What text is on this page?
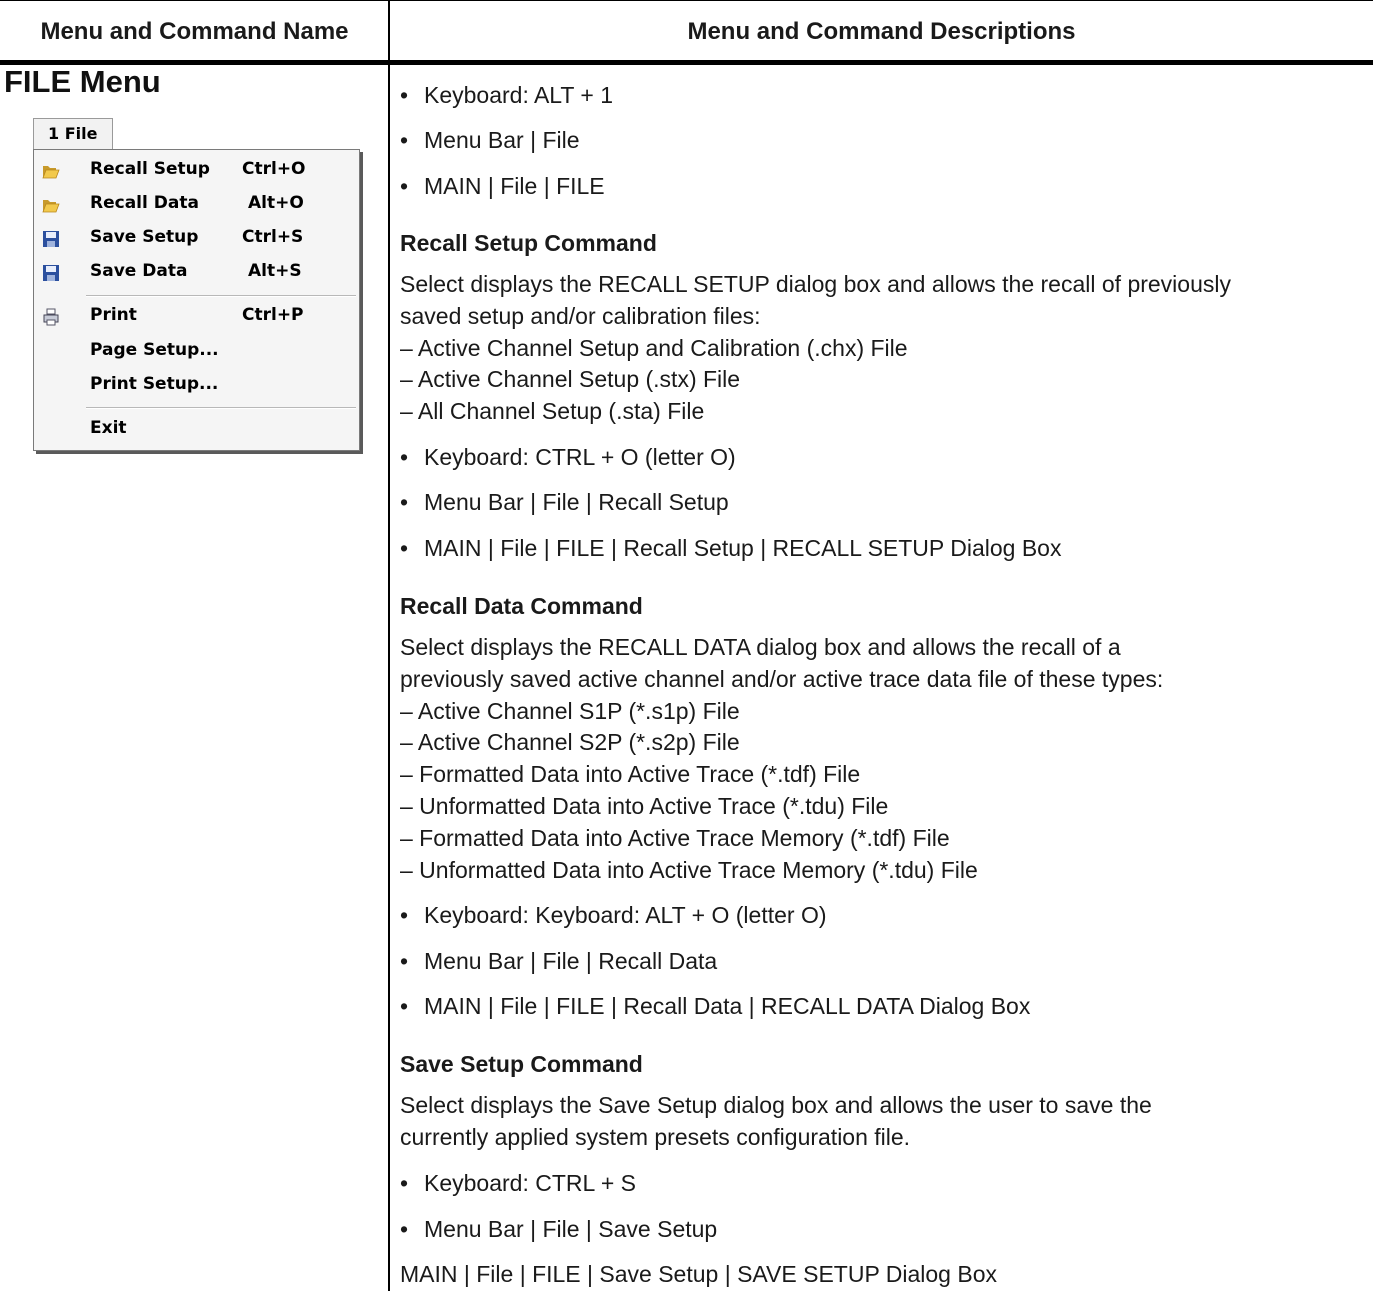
Menu and Command Name	Menu and Command Descriptions
FILE Menu
1 File
Recall Setup Ctrl+O
Recall Data	Alt+O
Save Setup	Ctrl+S
Save Data	Alt+S
Print	Ctrl+P
Page Setup...
Print Setup...
Exit
• Keyboard: ALT + 1
• Menu Bar | File
• MAIN | File | FILE
Recall Setup Command
Select displays the RECALL SETUP dialog box and allows the recall of previously
saved setup and/or calibration files:
– Active Channel Setup and Calibration (.chx) File
– Active Channel Setup (.stx) File
– All Channel Setup (.sta) File
• Keyboard: CTRL + O (letter O)
• Menu Bar | File | Recall Setup
• MAIN | File | FILE | Recall Setup | RECALL SETUP Dialog Box
Recall Data Command
Select displays the RECALL DATA dialog box and allows the recall of a
previously saved active channel and/or active trace data file of these types:
– Active Channel S1P (*.s1p) File
– Active Channel S2P (*.s2p) File
– Formatted Data into Active Trace (*.tdf) File
– Unformatted Data into Active Trace (*.tdu) File
– Formatted Data into Active Trace Memory (*.tdf) File
– Unformatted Data into Active Trace Memory (*.tdu) File
• Keyboard: Keyboard: ALT + O (letter O)
• Menu Bar | File | Recall Data
• MAIN | File | FILE | Recall Data | RECALL DATA Dialog Box
Save Setup Command
Select displays the Save Setup dialog box and allows the user to save the
currently applied system presets configuration file.
• Keyboard: CTRL + S
• Menu Bar | File | Save Setup
MAIN | File | FILE | Save Setup | SAVE SETUP Dialog Box
